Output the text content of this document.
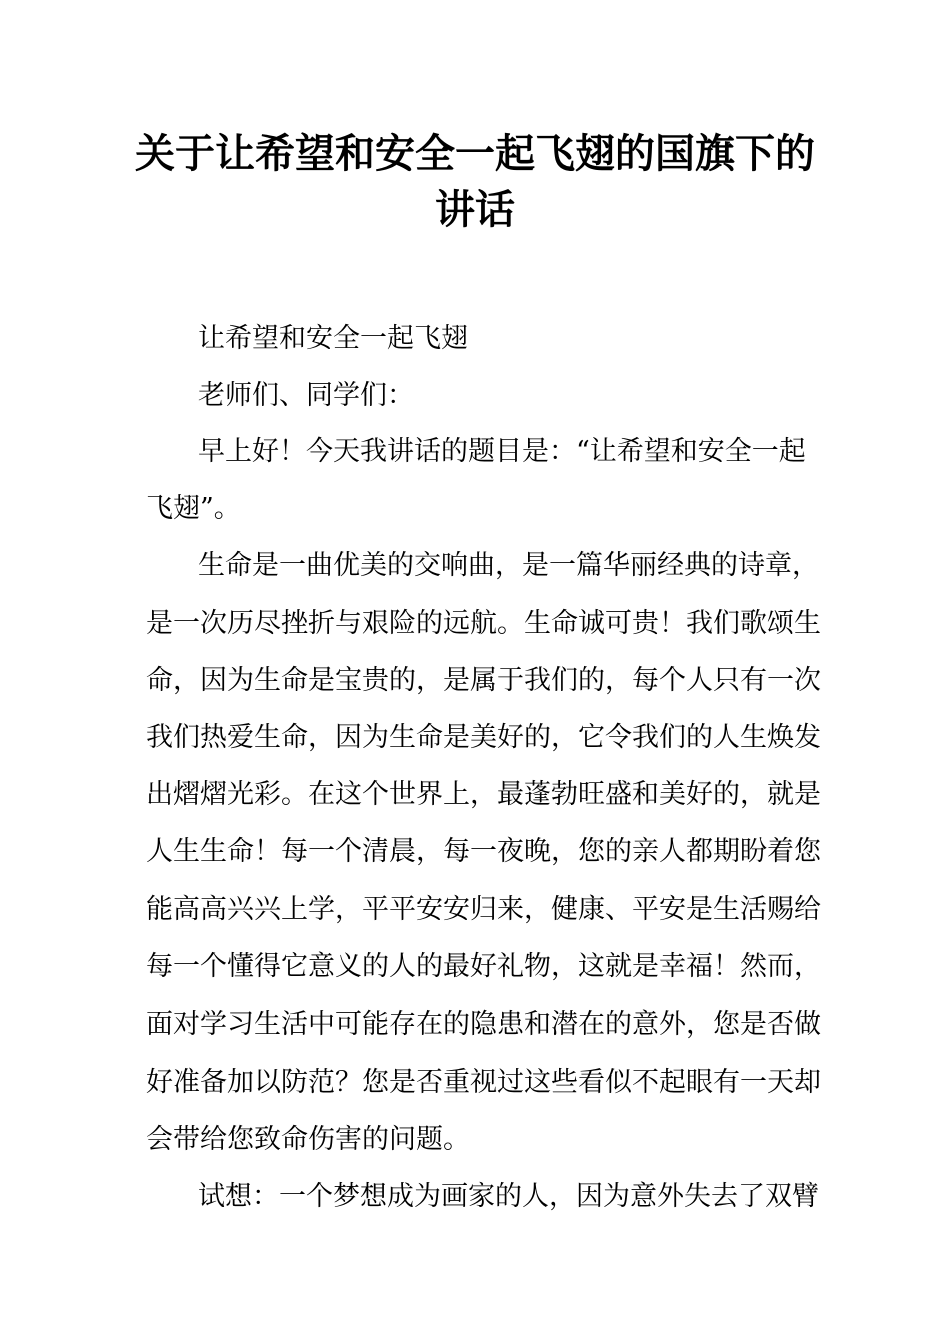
关于让希望和安全一起飞翅的国旗下的
讲话
让希望和安全一起飞翅
老师们、同学们：
早上好！今天我讲话的题目是：“让希望和安全一起
飞翅”。
生命是一曲优美的交响曲，是一篇华丽经典的诗章，
是一次历尽挫折与艰险的远航。生命诚可贵！我们歌颂生
命，因为生命是宝贵的，是属于我们的，每个人只有一次
我们热爱生命，因为生命是美好的，它令我们的人生焕发
出熠熠光彩。在这个世界上，最蓬勃旺盛和美好的，就是
人生生命！每一个清晨，每一夜晚，您的亲人都期盼着您
能高高兴兴上学，平平安安归来，健康、平安是生活赐给
每一个懂得它意义的人的最好礼物，这就是幸福！然而，
面对学习生活中可能存在的隐患和潜在的意外，您是否做
好准备加以防范？您是否重视过这些看似不起眼有一天却
会带给您致命伤害的问题。
试想：一个梦想成为画家的人，因为意外失去了双臂
